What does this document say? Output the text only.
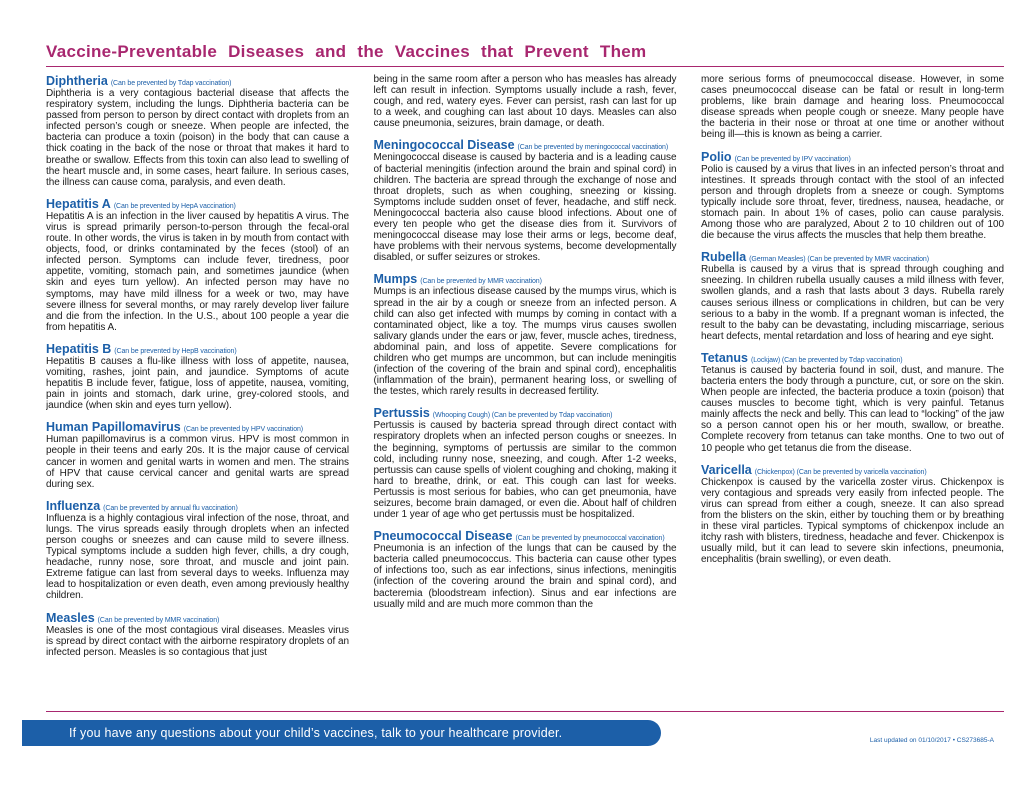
Vaccine-Preventable Diseases and the Vaccines that Prevent Them
Diphtheria (Can be prevented by Tdap vaccination)

Diphtheria is a very contagious bacterial disease that affects the respiratory system, including the lungs. Diphtheria bacteria can be passed from person to person by direct contact with droplets from an infected person’s cough or sneeze. When people are infected, the bacteria can produce a toxin (poison) in the body that can cause a thick coating in the back of the nose or throat that makes it hard to breathe or swallow. Effects from this toxin can also lead to swelling of the heart muscle and, in some cases, heart failure. In serious cases, the illness can cause coma, paralysis, and even death.

Hepatitis A (Can be prevented by HepA vaccination)

Hepatitis A is an infection in the liver caused by hepatitis A virus. The virus is spread primarily person-to-person through the fecal-oral route. In other words, the virus is taken in by mouth from contact with objects, food, or drinks contaminated by the feces (stool) of an infected person. Symptoms can include fever, tiredness, poor appetite, vomiting, stomach pain, and sometimes jaundice (when skin and eyes turn yellow). An infected person may have no symptoms, may have mild illness for a week or two, may have severe illness for several months, or may rarely develop liver failure and die from the infection. In the U.S., about 100 people a year die from hepatitis A.

Hepatitis B (Can be prevented by HepB vaccination)

Hepatitis B causes a flu-like illness with loss of appetite, nausea, vomiting, rashes, joint pain, and jaundice. Symptoms of acute hepatitis B include fever, fatigue, loss of appetite, nausea, vomiting, pain in joints and stomach, dark urine, grey-colored stools, and jaundice (when skin and eyes turn yellow).

Human Papillomavirus (Can be prevented by HPV vaccination)

Human papillomavirus is a common virus. HPV is most common in people in their teens and early 20s. It is the major cause of cervical cancer in women and genital warts in women and men. The strains of HPV that cause cervical cancer and genital warts are spread during sex.

Influenza (Can be prevented by annual flu vaccination)

Influenza is a highly contagious viral infection of the nose, throat, and lungs. The virus spreads easily through droplets when an infected person coughs or sneezes and can cause mild to severe illness. Typical symptoms include a sudden high fever, chills, a dry cough, headache, runny nose, sore throat, and muscle and joint pain. Extreme fatigue can last from several days to weeks. Influenza may lead to hospitalization or even death, even among previously healthy children.

Measles (Can be prevented by MMR vaccination)

Measles is one of the most contagious viral diseases. Measles virus is spread by direct contact with the airborne respiratory droplets of an infected person. Measles is so contagious that just

being in the same room after a person who has measles has already left can result in infection. Symptoms usually include a rash, fever, cough, and red, watery eyes. Fever can persist, rash can last for up to a week, and coughing can last about 10 days. Measles can also cause pneumonia, seizures, brain damage, or death.

Meningococcal Disease (Can be prevented by meningococcal vaccination)

Meningococcal disease is caused by bacteria and is a leading cause of bacterial meningitis (infection around the brain and spinal cord) in children. The bacteria are spread through the exchange of nose and throat droplets, such as when coughing, sneezing or kissing. Symptoms include sudden onset of fever, headache, and stiff neck. Meningococcal bacteria also cause blood infections. About one of every ten people who get the disease dies from it. Survivors of meningococcal disease may lose their arms or legs, become deaf, have problems with their nervous systems, become developmentally disabled, or suffer seizures or strokes.

Mumps (Can be prevented by MMR vaccination)

Mumps is an infectious disease caused by the mumps virus, which is spread in the air by a cough or sneeze from an infected person. A child can also get infected with mumps by coming in contact with a contaminated object, like a toy. The mumps virus causes swollen salivary glands under the ears or jaw, fever, muscle aches, tiredness, abdominal pain, and loss of appetite. Severe complications for children who get mumps are uncommon, but can include meningitis (infection of the covering of the brain and spinal cord), encephalitis (inflammation of the brain), permanent hearing loss, or swelling of the testes, which rarely results in decreased fertility.

Pertussis (Whooping Cough) (Can be prevented by Tdap vaccination)

Pertussis is caused by bacteria spread through direct contact with respiratory droplets when an infected person coughs or sneezes. In the beginning, symptoms of pertussis are similar to the common cold, including runny nose, sneezing, and cough. After 1-2 weeks, pertussis can cause spells of violent coughing and choking, making it hard to breathe, drink, or eat. This cough can last for weeks. Pertussis is most serious for babies, who can get pneumonia, have seizures, become brain damaged, or even die. About half of children under 1 year of age who get pertussis must be hospitalized.

Pneumococcal Disease (Can be prevented by pneumococcal vaccination)

Pneumonia is an infection of the lungs that can be caused by the bacteria called pneumococcus. This bacteria can cause other types of infections too, such as ear infections, sinus infections, meningitis (infection of the covering around the brain and spinal cord), and bacteremia (bloodstream infection). Sinus and ear infections are usually mild and are much more common than the

more serious forms of pneumococcal disease. However, in some cases pneumococcal disease can be fatal or result in long-term problems, like brain damage and hearing loss. Pneumococcal disease spreads when people cough or sneeze. Many people have the bacteria in their nose or throat at one time or another without being ill—this is known as being a carrier.

Polio (Can be prevented by IPV vaccination)

Polio is caused by a virus that lives in an infected person’s throat and intestines. It spreads through contact with the stool of an infected person and through droplets from a sneeze or cough. Symptoms typically include sore throat, fever, tiredness, nausea, headache, or stomach pain. In about 1% of cases, polio can cause paralysis. Among those who are paralyzed, About 2 to 10 children out of 100 die because the virus affects the muscles that help them breathe.

Rubella (German Measles) (Can be prevented by MMR vaccination)

Rubella is caused by a virus that is spread through coughing and sneezing. In children rubella usually causes a mild illness with fever, swollen glands, and a rash that lasts about 3 days. Rubella rarely causes serious illness or complications in children, but can be very serious to a baby in the womb. If a pregnant woman is infected, the result to the baby can be devastating, including miscarriage, serious heart defects, mental retardation and loss of hearing and eye sight.

Tetanus (Lockjaw) (Can be prevented by Tdap vaccination)

Tetanus is caused by bacteria found in soil, dust, and manure. The bacteria enters the body through a puncture, cut, or sore on the skin. When people are infected, the bacteria produce a toxin (poison) that causes muscles to become tight, which is very painful. Tetanus mainly affects the neck and belly. This can lead to “locking” of the jaw so a person cannot open his or her mouth, swallow, or breathe. Complete recovery from tetanus can take months. One to two out of 10 people who get tetanus die from the disease.

Varicella (Chickenpox) (Can be prevented by varicella vaccination)

Chickenpox is caused by the varicella zoster virus. Chickenpox is very contagious and spreads very easily from infected people. The virus can spread from either a cough, sneeze. It can also spread from the blisters on the skin, either by touching them or by breathing in these viral particles. Typical symptoms of chickenpox include an itchy rash with blisters, tiredness, headache and fever. Chickenpox is usually mild, but it can lead to severe skin infections, pneumonia, encephalitis (brain swelling), or even death.

If you have any questions about your child’s vaccines, talk to your healthcare provider.
Last updated on 01/10/2017 • CS273685-A
